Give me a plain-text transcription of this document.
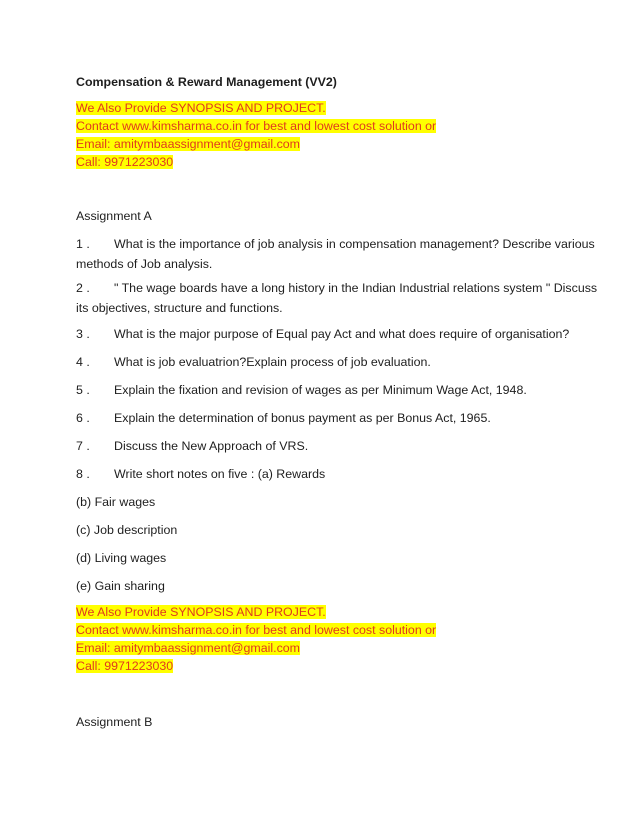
Compensation & Reward Management (VV2)
We Also Provide SYNOPSIS AND PROJECT.
Contact www.kimsharma.co.in for best and lowest cost solution or
Email: amitymbaassignment@gmail.com
Call: 9971223030
Assignment A
1 . What is the importance of job analysis in compensation management? Describe various
methods of Job analysis.
2 . " The wage boards have a long history in the Indian Industrial relations system " Discuss
its objectives, structure and functions.
3 . What is the major purpose of Equal pay Act and what does require of organisation?
4 . What is job evaluatrion?Explain process of job evaluation.
5 . Explain the fixation and revision of wages as per Minimum Wage Act, 1948.
6 . Explain the determination of bonus payment as per Bonus Act, 1965.
7 . Discuss the New Approach of VRS.
8 . Write short notes on five : (a) Rewards
(b) Fair wages
(c) Job description
(d) Living wages
(e) Gain sharing
We Also Provide SYNOPSIS AND PROJECT.
Contact www.kimsharma.co.in for best and lowest cost solution or
Email: amitymbaassignment@gmail.com
Call: 9971223030
Assignment B
